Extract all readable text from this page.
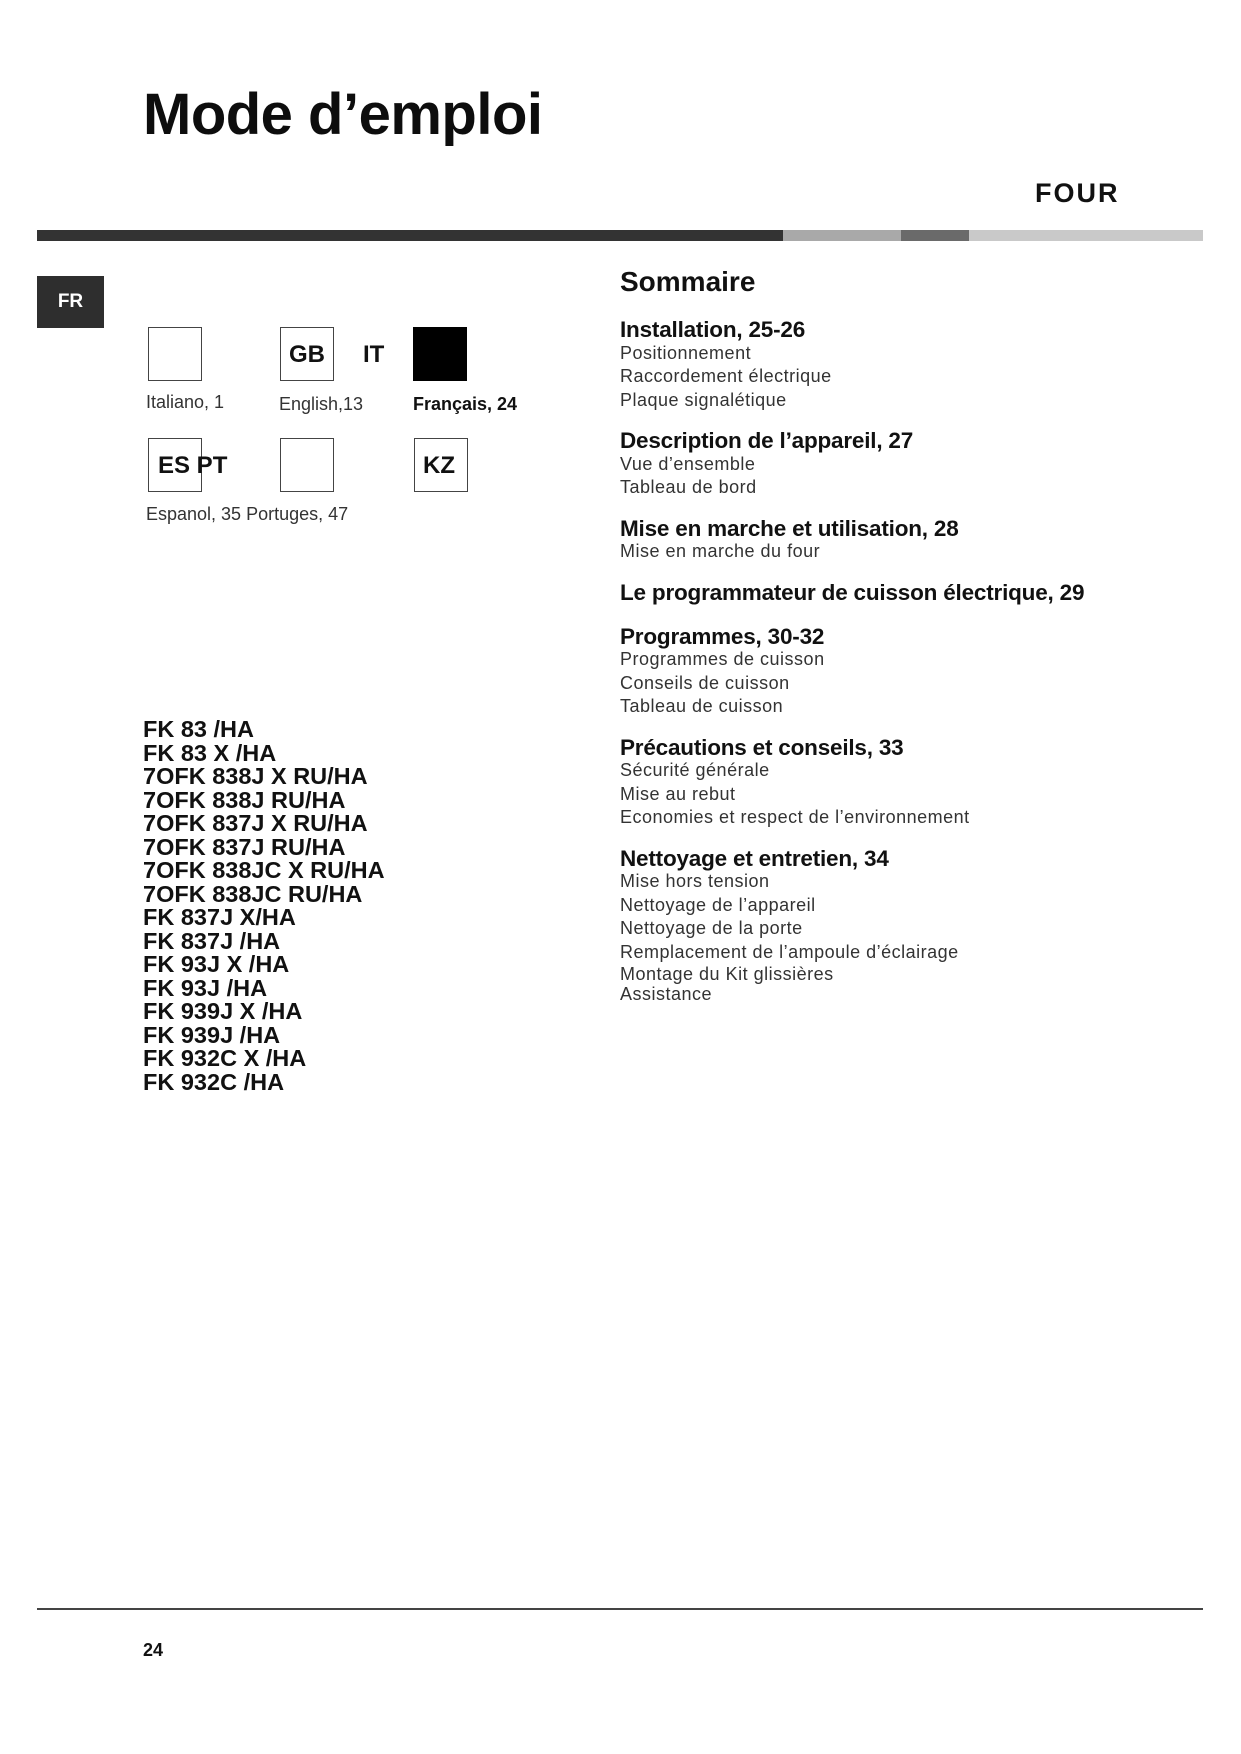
Mode d’emploi
FOUR
FR
Italiano, 1
GB
English,13
IT
Français, 24
ES PT
Espanol, 35 Portuges, 47
KZ
FK 83 /HA
FK 83 X /HA
7OFK 838J X RU/HA
7OFK 838J RU/HA
7OFK 837J X RU/HA
7OFK 837J RU/HA
7OFK 838JC X RU/HA
7OFK 838JC RU/HA
FK 837J X/HA
FK 837J /HA
FK 93J X /HA
FK 93J /HA
FK 939J X /HA
FK 939J /HA
FK 932C X /HA
FK 932C /HA
Sommaire
Installation, 25-26
Positionnement
Raccordement électrique
Plaque signalétique
Description de l’appareil, 27
Vue d’ensemble
Tableau de bord
Mise en marche et utilisation, 28
Mise en marche du four
Le programmateur de cuisson électrique, 29
Programmes, 30-32
Programmes de cuisson
Conseils de cuisson
Tableau de cuisson
Précautions et conseils, 33
Sécurité générale
Mise au rebut
Economies et respect de l’environnement
Nettoyage et entretien, 34
Mise hors tension
Nettoyage de l’appareil
Nettoyage de la porte
Remplacement de l’ampoule d’éclairage
Montage du Kit glissières
Assistance
24
